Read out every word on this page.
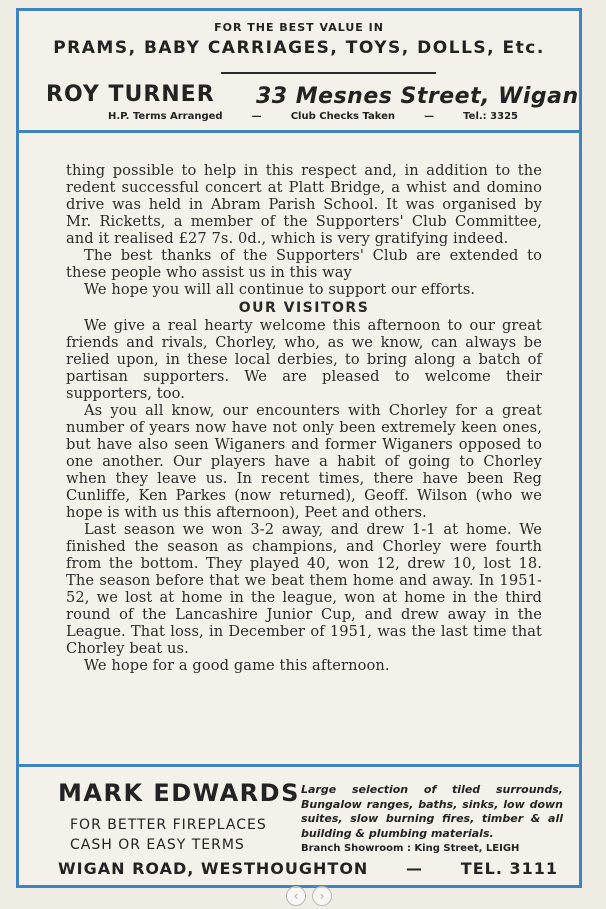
FOR THE BEST VALUE IN
PRAMS, BABY CARRIAGES, TOYS, DOLLS, Etc.
ROY TURNER 33 Mesnes Street, Wigan
H.P. Terms Arranged	—	Club Checks Taken	—	Tel.: 3325

thing possible to help in this respect and, in addition to the redent successful concert at Platt Bridge, a whist and domino drive was held in Abram Parish School. It was organised by Mr. Ricketts, a member of the Supporters' Club Committee, and it realised £27 7s. 0d., which is very gratifying indeed.

The best thanks of the Supporters' Club are extended to these people who assist us in this way

We hope you will all continue to support our efforts.

OUR VISITORS

We give a real hearty welcome this afternoon to our great friends and rivals, Chorley, who, as we know, can always be relied upon, in these local derbies, to bring along a batch of partisan supporters. We are pleased to welcome their supporters, too.

As you all know, our encounters with Chorley for a great number of years now have not only been extremely keen ones, but have also seen Wiganers and former Wiganers opposed to one another. Our players have a habit of going to Chorley when they leave us. In recent times, there have been Reg Cunliffe, Ken Parkes (now returned), Geoff. Wilson (who we hope is with us this afternoon), Peet and others.

Last season we won 3-2 away, and drew 1-1 at home. We finished the season as champions, and Chorley were fourth from the bottom. They played 40, won 12, drew 10, lost 18. The season before that we beat them home and away. In 1951-52, we lost at home in the league, won at home in the third round of the Lancashire Junior Cup, and drew away in the League. That loss, in December of 1951, was the last time that Chorley beat us.

We hope for a good game this afternoon.

MARK EDWARDS
FOR BETTER FIREPLACES
CASH OR EASY TERMS
Large selection of tiled surrounds, Bungalow ranges, baths, sinks, low down suites, slow burning fires, timber & all building & plumbing materials.
Branch Showroom : King Street, LEIGH
WIGAN ROAD, WESTHOUGHTON — TEL. 3111
‹ ›
